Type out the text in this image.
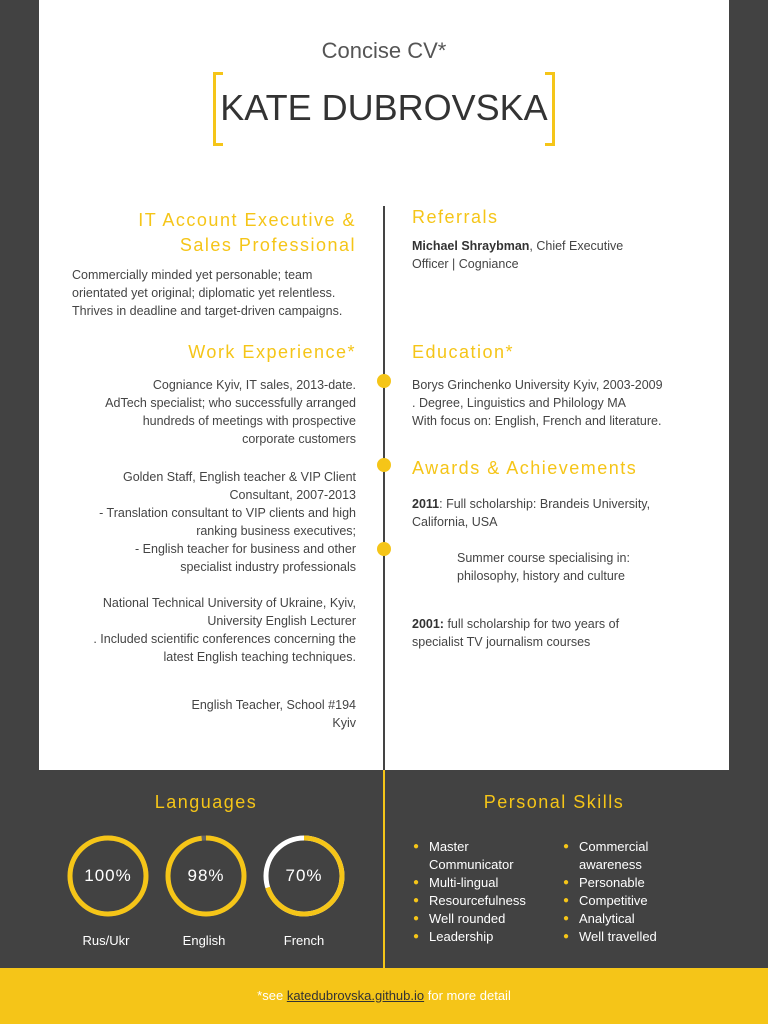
Concise CV*
KATE DUBROVSKA
IT Account Executive &
Sales Professional
Commercially minded yet personable; team
orientated yet original; diplomatic yet relentless.
Thrives in deadline and target-driven campaigns.
Work Experience*
Cogniance Kyiv, IT sales, 2013-date.
AdTech specialist; who successfully arranged
hundreds of meetings with prospective
corporate customers
Golden Staff, English teacher & VIP Client
Consultant, 2007-2013
- Translation consultant to VIP clients and high
ranking business executives;
- English teacher for business and other
specialist industry professionals
National Technical University of Ukraine, Kyiv,
University English Lecturer
. Included scientific conferences concerning the
latest English teaching techniques.
English Teacher, School #194
Kyiv
Referrals
Michael Shraybman, Chief Executive
Officer | Cogniance
Education*
Borys Grinchenko University Kyiv, 2003-2009
. Degree, Linguistics and Philology MA
With focus on: English, French and literature.
Awards & Achievements
2011: Full scholarship: Brandeis University,
California, USA
Summer course specialising in:
philosophy, history and culture
2001: full scholarship for two years of
specialist TV journalism courses
Languages
100%
Rus/Ukr
98%
English
70%
French
Personal Skills
● Master
Communicator
● Multi-lingual
● Resourcefulness
● Well rounded
● Leadership
● Commercial
awareness
● Personable
● Competitive
● Analytical
● Well travelled
*see katedubrovska.github.io for more detail
